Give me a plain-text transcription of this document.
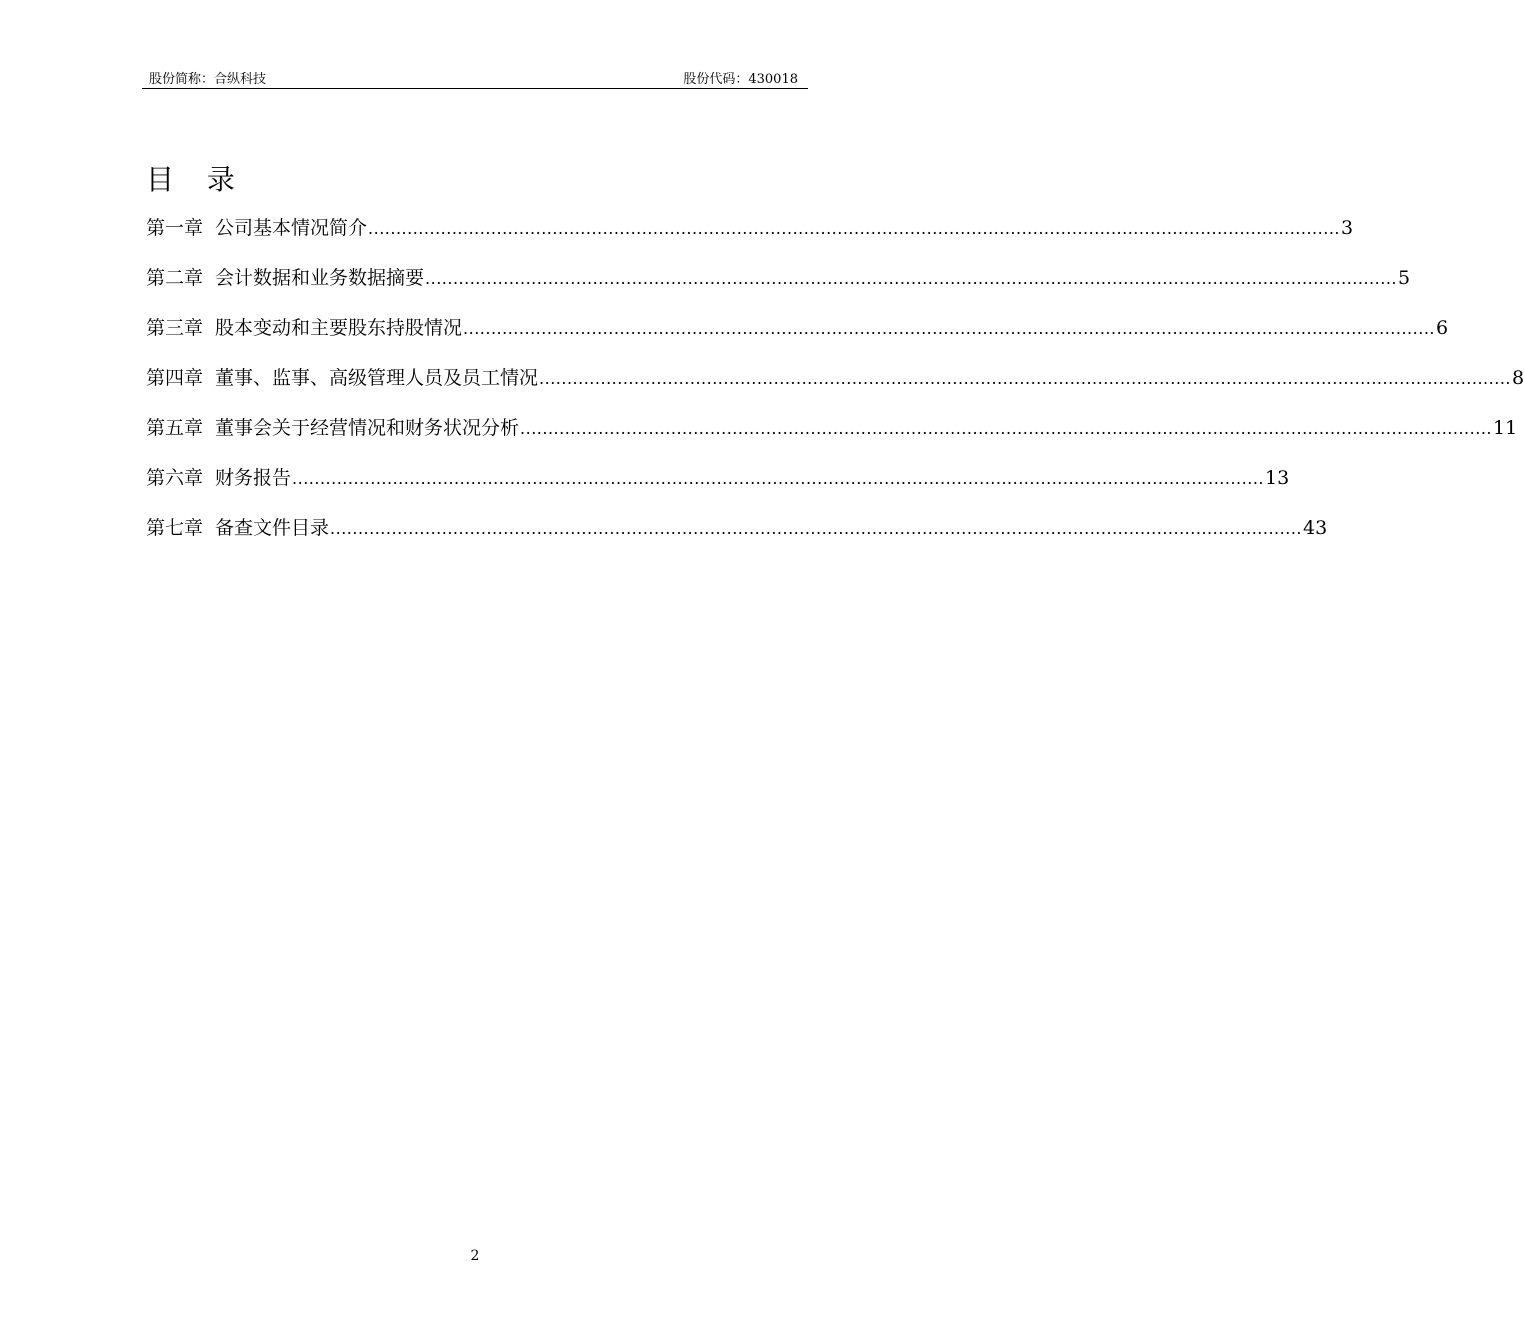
股份简称：合纵科技	股份代码：430018
目 录
第一章 公司基本情况简介 .............................................................................................................................................................................. 3
第二章 会计数据和业务数据摘要 .............................................................................................................................................................................. 5
第三章 股本变动和主要股东持股情况 .............................................................................................................................................................................. 6
第四章 董事、监事、高级管理人员及员工情况 .............................................................................................................................................................................. 8
第五章 董事会关于经营情况和财务状况分析 .............................................................................................................................................................................. 11
第六章 财务报告 .............................................................................................................................................................................. 13
第七章 备查文件目录 .............................................................................................................................................................................. 43
2
